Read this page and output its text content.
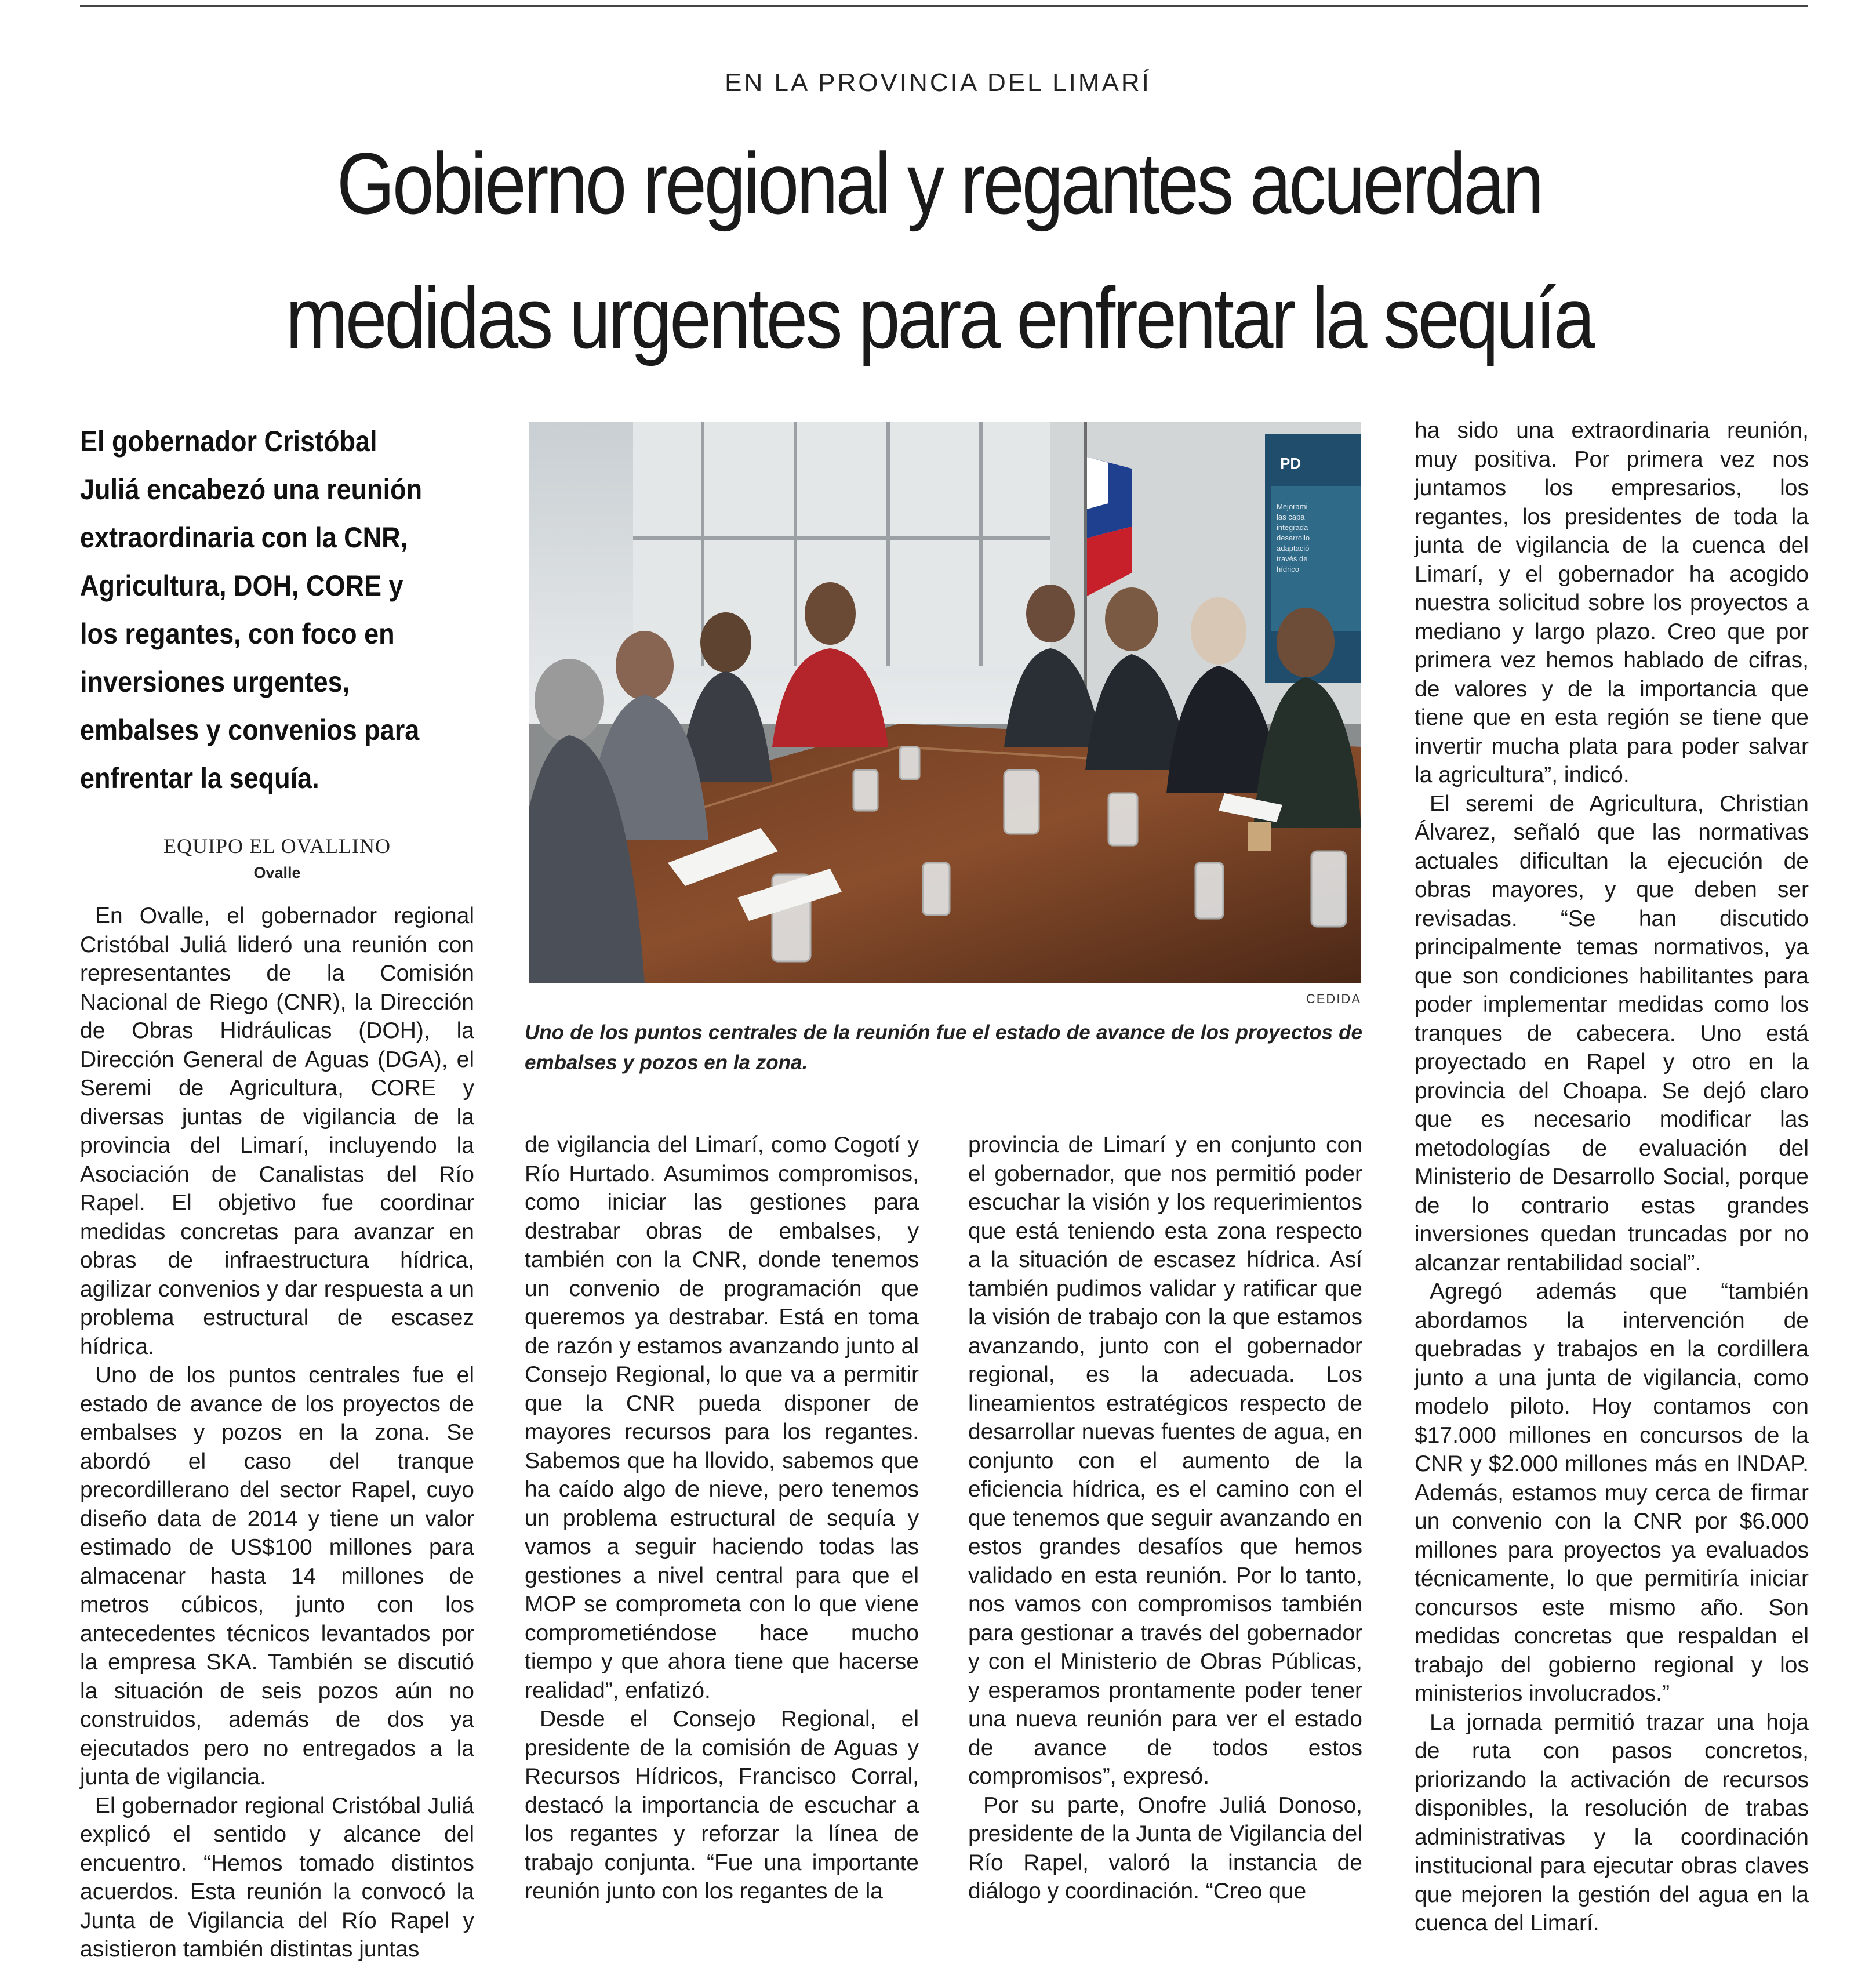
EN LA PROVINCIA DEL LIMARÍ
Gobierno regional y regantes acuerdan
medidas urgentes para enfrentar la sequía
El gobernador Cristóbal Juliá encabezó una reunión extraordinaria con la CNR, Agricultura, DOH, CORE y los regantes, con foco en inversiones urgentes, embalses y convenios para enfrentar la sequía.
EQUIPO EL OVALLINO
Ovalle

En Ovalle, el gobernador regional Cristóbal Juliá lideró una reunión con representantes de la Comisión Nacional de Riego (CNR), la Dirección de Obras Hidráulicas (DOH), la Dirección General de Aguas (DGA), el Seremi de Agricultura, CORE y diversas juntas de vigilancia de la provincia del Limarí, incluyendo la Asociación de Canalistas del Río Rapel. El objetivo fue coordinar medidas concretas para avanzar en obras de infraestructura hídrica, agilizar convenios y dar respuesta a un problema estructural de escasez hídrica.

Uno de los puntos centrales fue el estado de avance de los proyectos de embalses y pozos en la zona. Se abordó el caso del tranque precordillerano del sector Rapel, cuyo diseño data de 2014 y tiene un valor estimado de US$100 millones para almacenar hasta 14 millones de metros cúbicos, junto con los antecedentes técnicos levantados por la empresa SKA. También se discutió la situación de seis pozos aún no construidos, además de dos ya ejecutados pero no entregados a la junta de vigilancia.

El gobernador regional Cristóbal Juliá explicó el sentido y alcance del encuentro. “Hemos tomado distintos acuerdos. Esta reunión la convocó la Junta de Vigilancia del Río Rapel y asistieron también distintas juntas

PD
Mejorami
las capa
integrada
desarrollo
adaptació
través de
hídrico
CEDIDA
Uno de los puntos centrales de la reunión fue el estado de avance de los proyectos de embalses y pozos en la zona.

de vigilancia del Limarí, como Cogotí y Río Hurtado. Asumimos compromisos, como iniciar las gestiones para destrabar obras de embalses, y también con la CNR, donde tenemos un convenio de programación que queremos ya destrabar. Está en toma de razón y estamos avanzando junto al Consejo Regional, lo que va a permitir que la CNR pueda disponer de mayores recursos para los regantes. Sabemos que ha llovido, sabemos que ha caído algo de nieve, pero tenemos un problema estructural de sequía y vamos a seguir haciendo todas las gestiones a nivel central para que el MOP se comprometa con lo que viene comprometiéndose hace mucho tiempo y que ahora tiene que hacerse realidad”, enfatizó.

Desde el Consejo Regional, el presidente de la comisión de Aguas y Recursos Hídricos, Francisco Corral, destacó la importancia de escuchar a los regantes y reforzar la línea de trabajo conjunta. “Fue una importante reunión junto con los regantes de la

provincia de Limarí y en conjunto con el gobernador, que nos permitió poder escuchar la visión y los requerimientos que está teniendo esta zona respecto a la situación de escasez hídrica. Así también pudimos validar y ratificar que la visión de trabajo con la que estamos avanzando, junto con el gobernador regional, es la adecuada. Los lineamientos estratégicos respecto de desarrollar nuevas fuentes de agua, en conjunto con el aumento de la eficiencia hídrica, es el camino con el que tenemos que seguir avanzando en estos grandes desafíos que hemos validado en esta reunión. Por lo tanto, nos vamos con compromisos también para gestionar a través del gobernador y con el Ministerio de Obras Públicas, y esperamos prontamente poder tener una nueva reunión para ver el estado de avance de todos estos compromisos”, expresó.

Por su parte, Onofre Juliá Donoso, presidente de la Junta de Vigilancia del Río Rapel, valoró la instancia de diálogo y coordinación. “Creo que

ha sido una extraordinaria reunión, muy positiva. Por primera vez nos juntamos los empresarios, los regantes, los presidentes de toda la junta de vigilancia de la cuenca del Limarí, y el gobernador ha acogido nuestra solicitud sobre los proyectos a mediano y largo plazo. Creo que por primera vez hemos hablado de cifras, de valores y de la importancia que tiene que en esta región se tiene que invertir mucha plata para poder salvar la agricultura”, indicó.

El seremi de Agricultura, Christian Álvarez, señaló que las normativas actuales dificultan la ejecución de obras mayores, y que deben ser revisadas. “Se han discutido principalmente temas normativos, ya que son condiciones habilitantes para poder implementar medidas como los tranques de cabecera. Uno está proyectado en Rapel y otro en la provincia del Choapa. Se dejó claro que es necesario modificar las metodologías de evaluación del Ministerio de Desarrollo Social, porque de lo contrario estas grandes inversiones quedan truncadas por no alcanzar rentabilidad social”.

Agregó además que “también abordamos la intervención de quebradas y trabajos en la cordillera junto a una junta de vigilancia, como modelo piloto. Hoy contamos con $17.000 millones en concursos de la CNR y $2.000 millones más en INDAP. Además, estamos muy cerca de firmar un convenio con la CNR por $6.000 millones para proyectos ya evaluados técnicamente, lo que permitiría iniciar concursos este mismo año. Son medidas concretas que respaldan el trabajo del gobierno regional y los ministerios involucrados.”

La jornada permitió trazar una hoja de ruta con pasos concretos, priorizando la activación de recursos disponibles, la resolución de trabas administrativas y la coordinación institucional para ejecutar obras claves que mejoren la gestión del agua en la cuenca del Limarí.
